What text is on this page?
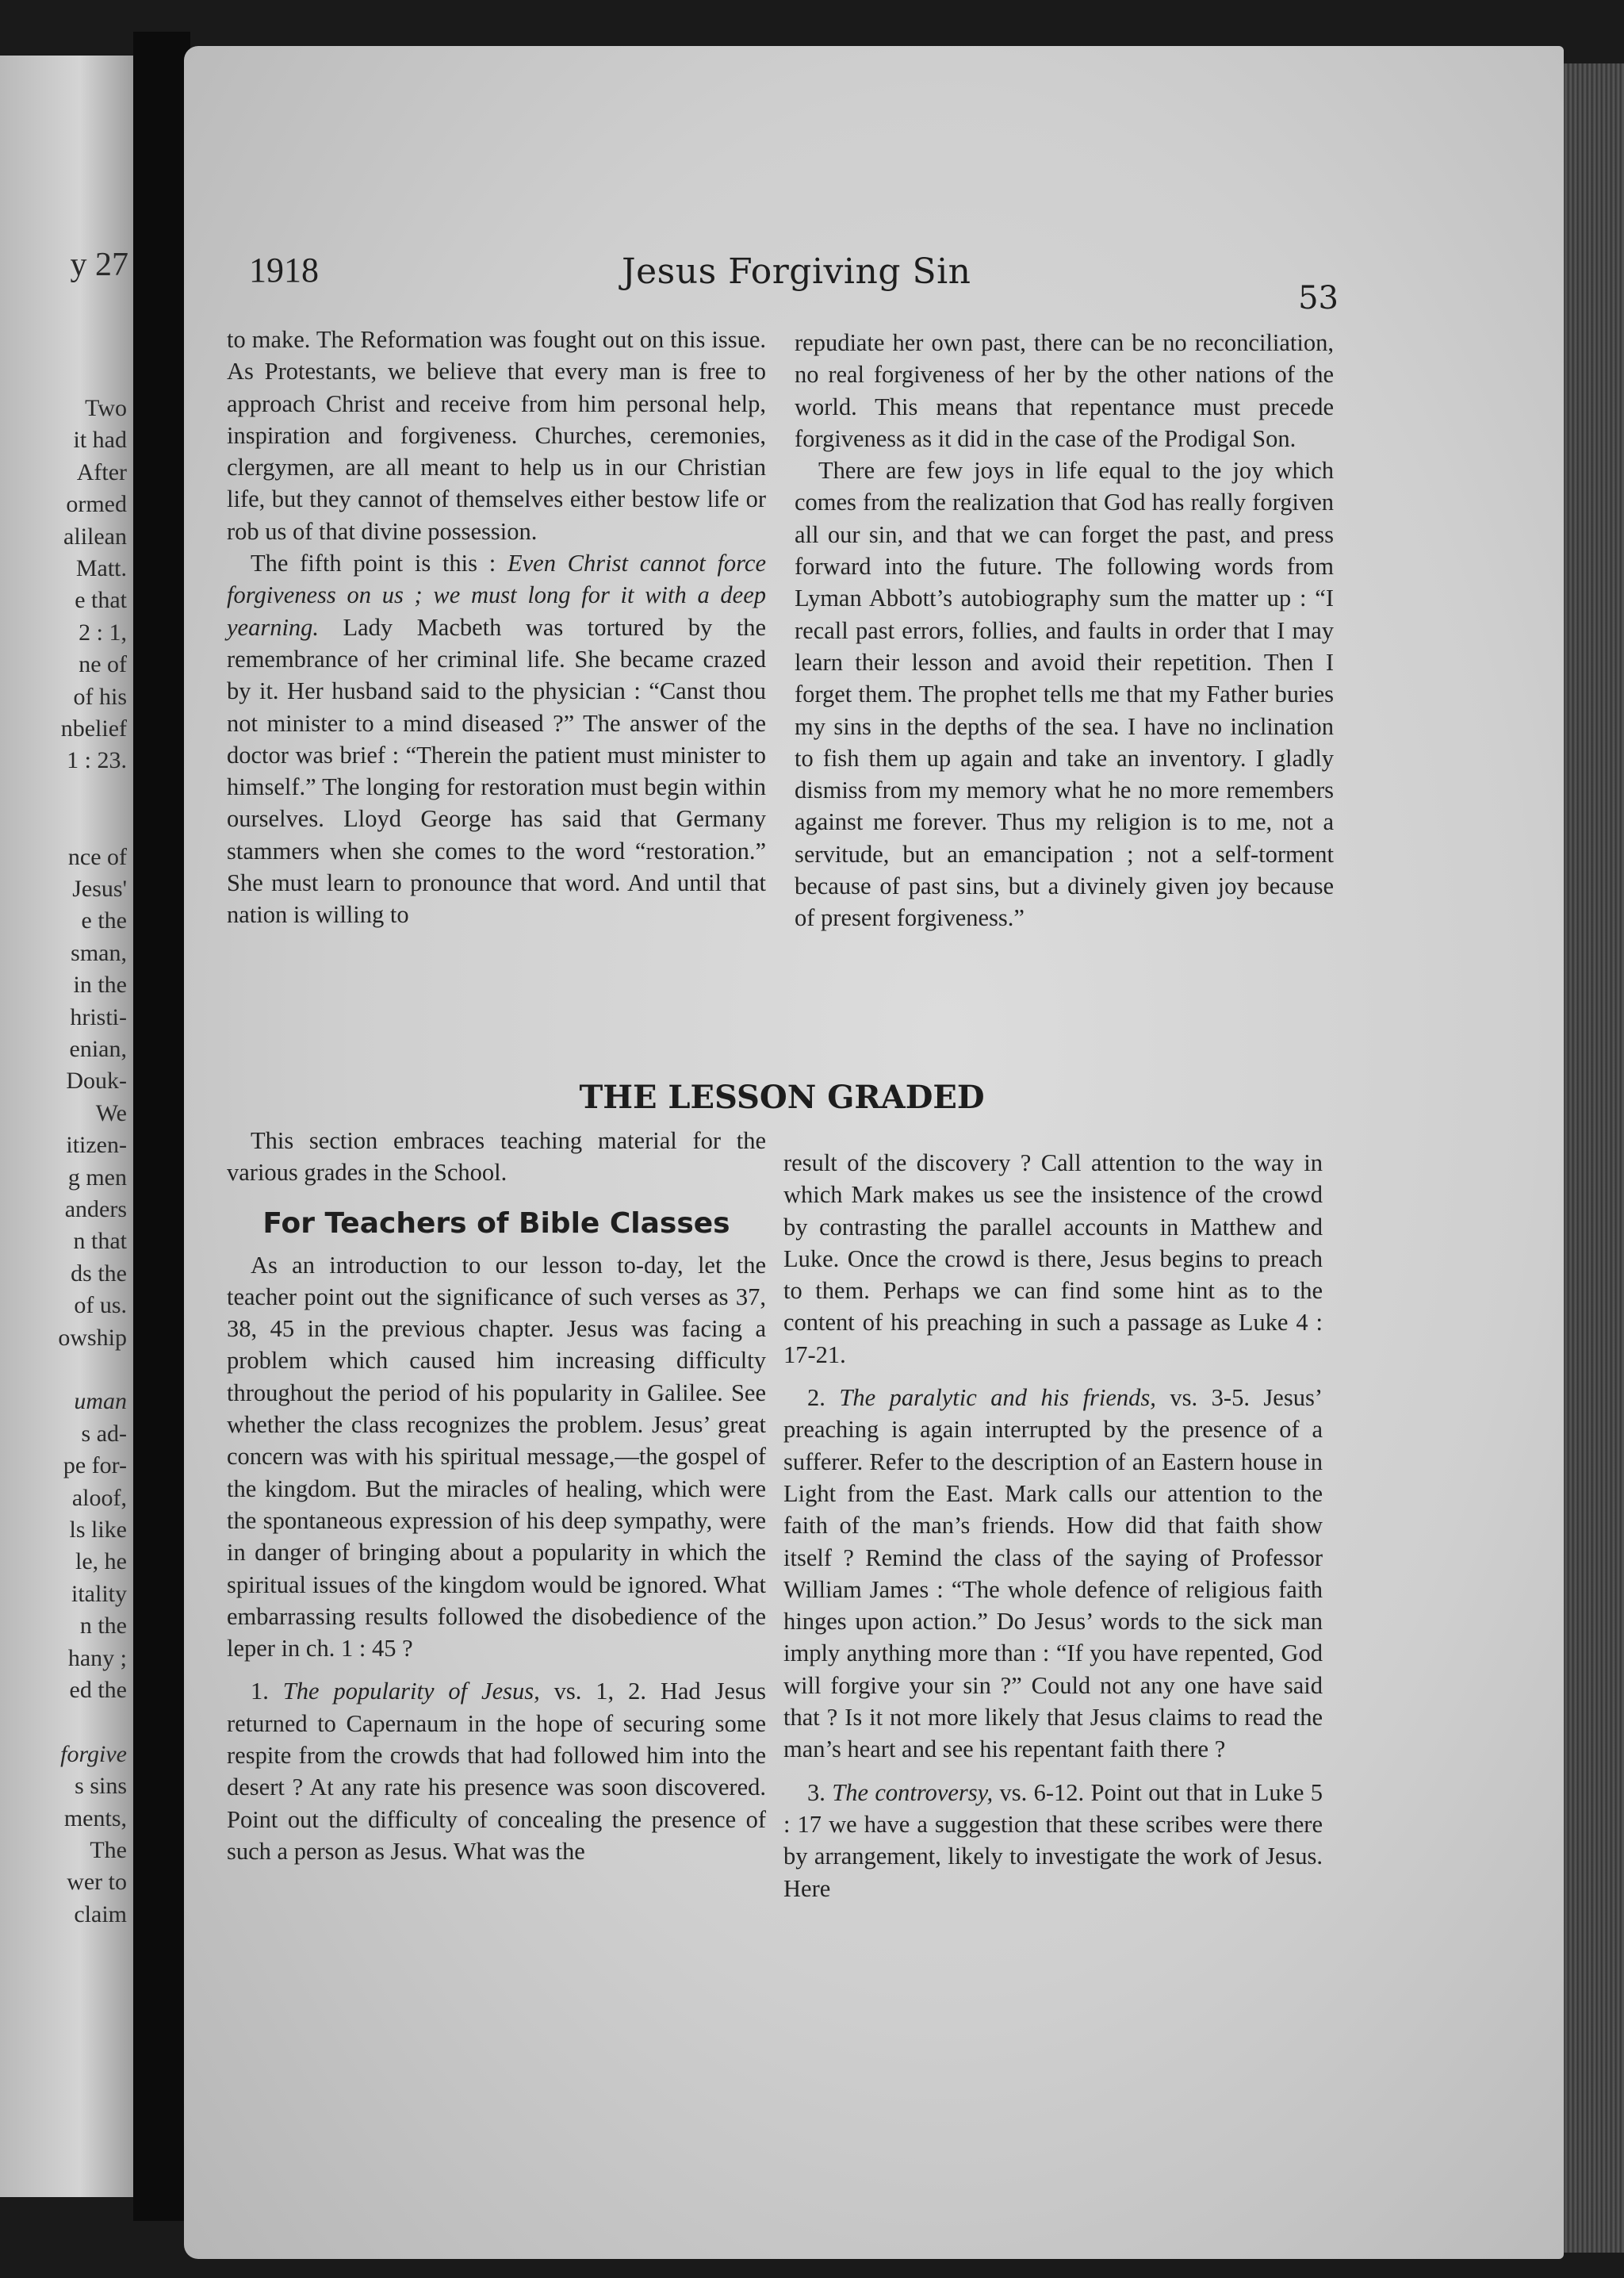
y 27
Two
it had
After
ormed
alilean
Matt.
e that
2 : 1,
ne of
of his
nbelief
1 : 23.
nce of
Jesus'
e the
sman,
in the
hristi-
enian,
Douk-
We
itizen-
g men
anders
n that
ds the
of us.
owship
uman
s ad-
pe for-
aloof,
ls like
le, he
itality
n the
hany ;
ed the
forgive
s sins
ments,
The
wer to
claim
1918	Jesus Forgiving Sin
53

to make. The Reformation was fought out on this issue. As Protestants, we believe that every man is free to approach Christ and receive from him personal help, inspiration and forgiveness. Churches, ceremonies, clergymen, are all meant to help us in our Christian life, but they cannot of themselves either bestow life or rob us of that divine possession.

The fifth point is this : Even Christ cannot force forgiveness on us ; we must long for it with a deep yearning. Lady Macbeth was tortured by the remembrance of her criminal life. She became crazed by it. Her husband said to the physician : “Canst thou not minister to a mind diseased ?” The answer of the doctor was brief : “Therein the patient must minister to himself.” The longing for restoration must begin within ourselves. Lloyd George has said that Germany stammers when she comes to the word “restoration.” She must learn to pronounce that word. And until that nation is willing to

repudiate her own past, there can be no reconciliation, no real forgiveness of her by the other nations of the world. This means that repentance must precede forgiveness as it did in the case of the Prodigal Son.

There are few joys in life equal to the joy which comes from the realization that God has really forgiven all our sin, and that we can forget the past, and press forward into the future. The following words from Lyman Abbott’s autobiography sum the matter up : “I recall past errors, follies, and faults in order that I may learn their lesson and avoid their repetition. Then I forget them. The prophet tells me that my Father buries my sins in the depths of the sea. I have no inclination to fish them up again and take an inventory. I gladly dismiss from my memory what he no more remembers against me forever. Thus my religion is to me, not a servitude, but an emancipation ; not a self-torment because of past sins, but a divinely given joy because of present forgiveness.”

THE LESSON GRADED

This section embraces teaching material for the various grades in the School.

For Teachers of Bible Classes

As an introduction to our lesson to-day, let the teacher point out the significance of such verses as 37, 38, 45 in the previous chapter. Jesus was facing a problem which caused him increasing difficulty throughout the period of his popularity in Galilee. See whether the class recognizes the problem. Jesus’ great concern was with his spiritual message,—the gospel of the kingdom. But the miracles of healing, which were the spontaneous expression of his deep sympathy, were in danger of bringing about a popularity in which the spiritual issues of the kingdom would be ignored. What embarrassing results followed the disobedience of the leper in ch. 1 : 45 ?

1. The popularity of Jesus, vs. 1, 2. Had Jesus returned to Capernaum in the hope of securing some respite from the crowds that had followed him into the desert ? At any rate his presence was soon discovered. Point out the difficulty of concealing the presence of such a person as Jesus. What was the

result of the discovery ? Call attention to the way in which Mark makes us see the insistence of the crowd by contrasting the parallel accounts in Matthew and Luke. Once the crowd is there, Jesus begins to preach to them. Perhaps we can find some hint as to the content of his preaching in such a passage as Luke 4 : 17-21.

2. The paralytic and his friends, vs. 3-5. Jesus’ preaching is again interrupted by the presence of a sufferer. Refer to the description of an Eastern house in Light from the East. Mark calls our attention to the faith of the man’s friends. How did that faith show itself ? Remind the class of the saying of Professor William James : “The whole defence of religious faith hinges upon action.” Do Jesus’ words to the sick man imply anything more than : “If you have repented, God will forgive your sin ?” Could not any one have said that ? Is it not more likely that Jesus claims to read the man’s heart and see his repentant faith there ?

3. The controversy, vs. 6-12. Point out that in Luke 5 : 17 we have a suggestion that these scribes were there by arrangement, likely to investigate the work of Jesus. Here
